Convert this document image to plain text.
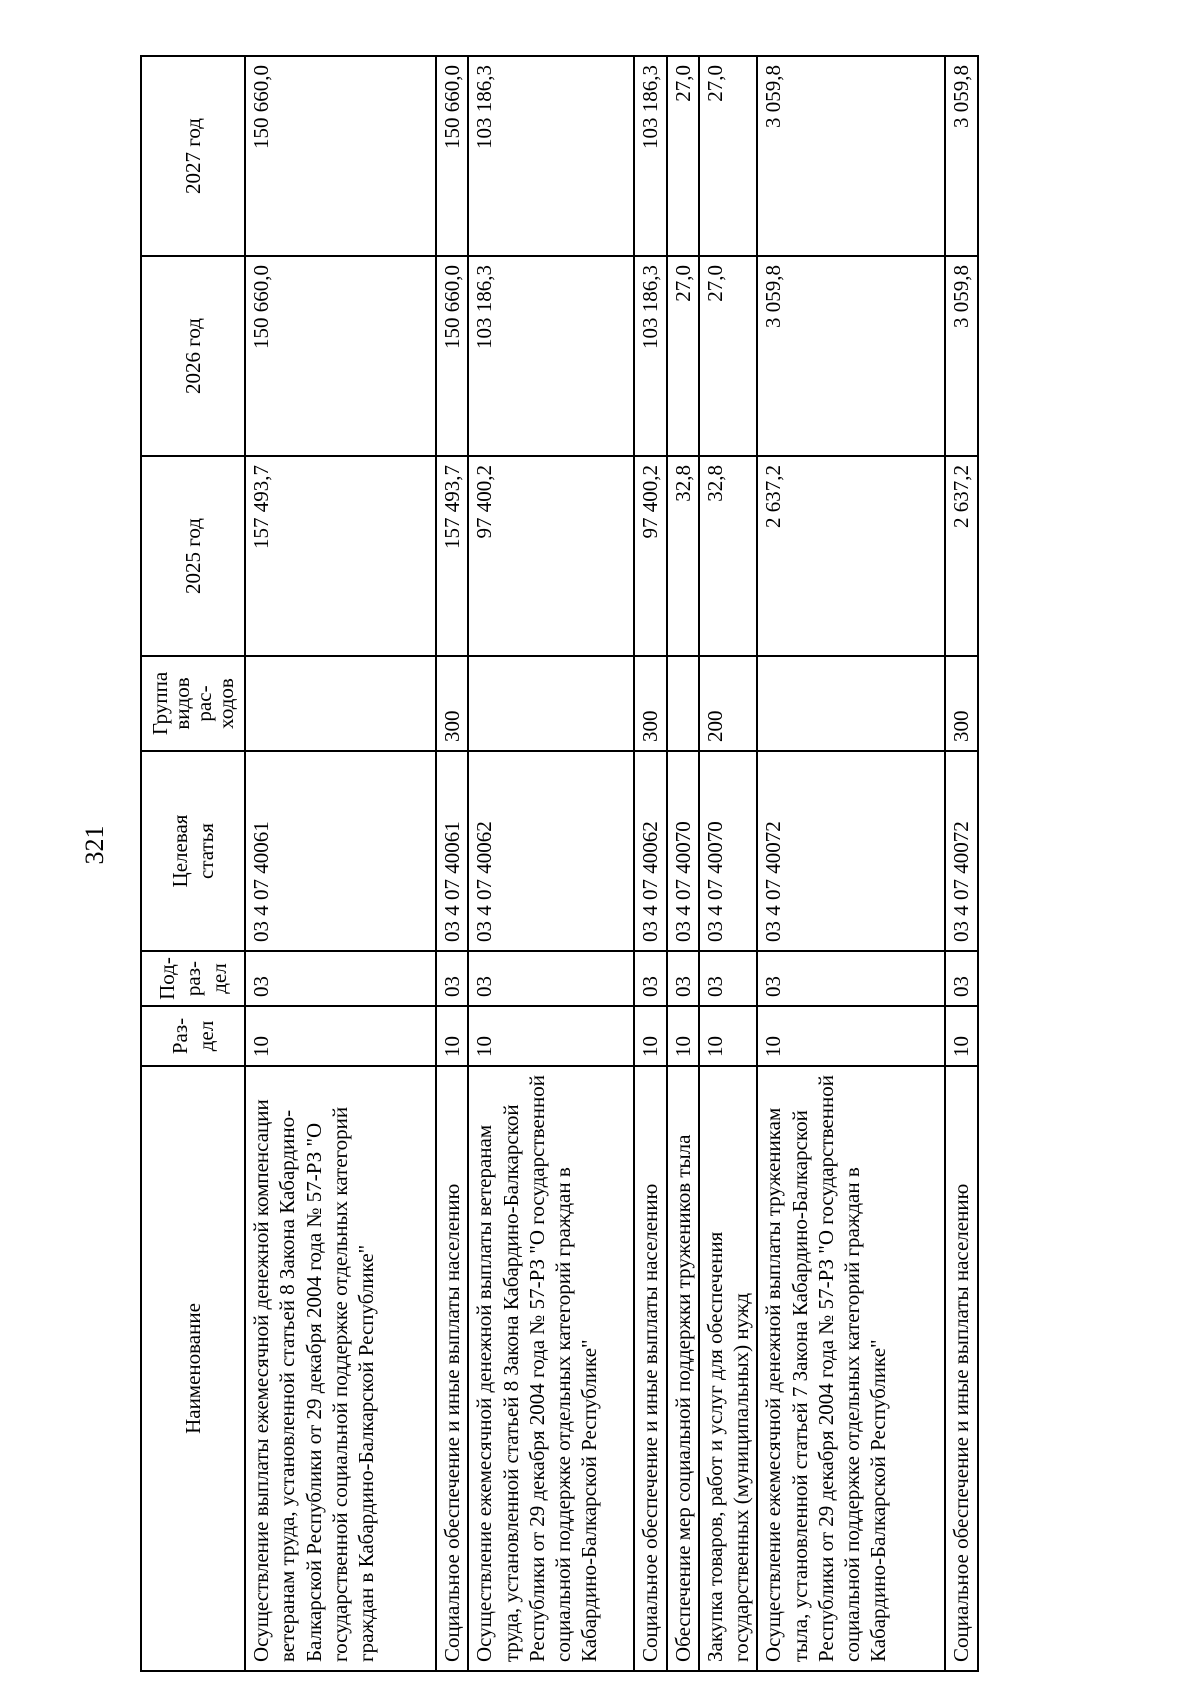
321
Наименование	Раз-
дел	Под-
раз-
дел	Целевая
статья	Группа
видов
рас-
ходов	2025 год	2026 год	2027 год
Осуществление выплаты ежемесячной денежной компенсации ветеранам труда, установленной статьей 8 Закона Кабардино-Балкарской Республики от 29 декабря 2004 года № 57-РЗ "О государственной социальной поддержке отдельных категорий граждан в Кабардино-Балкарской Республике"	10	03	03 4 07 40061		157 493,7	150 660,0	150 660,0
Социальное обеспечение и иные выплаты населению	10	03	03 4 07 40061	300	157 493,7	150 660,0	150 660,0
Осуществление ежемесячной денежной выплаты ветеранам труда, установленной статьей 8 Закона Кабардино-Балкарской Республики от 29 декабря 2004 года № 57-РЗ "О государственной социальной поддержке отдельных категорий граждан в Кабардино-Балкарской Республике"	10	03	03 4 07 40062		97 400,2	103 186,3	103 186,3
Социальное обеспечение и иные выплаты населению	10	03	03 4 07 40062	300	97 400,2	103 186,3	103 186,3
Обеспечение мер социальной поддержки тружеников тыла	10	03	03 4 07 40070		32,8	27,0	27,0
Закупка товаров, работ и услуг для обеспечения государственных (муниципальных) нужд	10	03	03 4 07 40070	200	32,8	27,0	27,0
Осуществление ежемесячной денежной выплаты труженикам тыла, установленной статьей 7 Закона Кабардино-Балкарской Республики от 29 декабря 2004 года № 57-РЗ "О государственной социальной поддержке отдельных категорий граждан в Кабардино-Балкарской Республике"	10	03	03 4 07 40072		2 637,2	3 059,8	3 059,8
Социальное обеспечение и иные выплаты населению	10	03	03 4 07 40072	300	2 637,2	3 059,8	3 059,8
